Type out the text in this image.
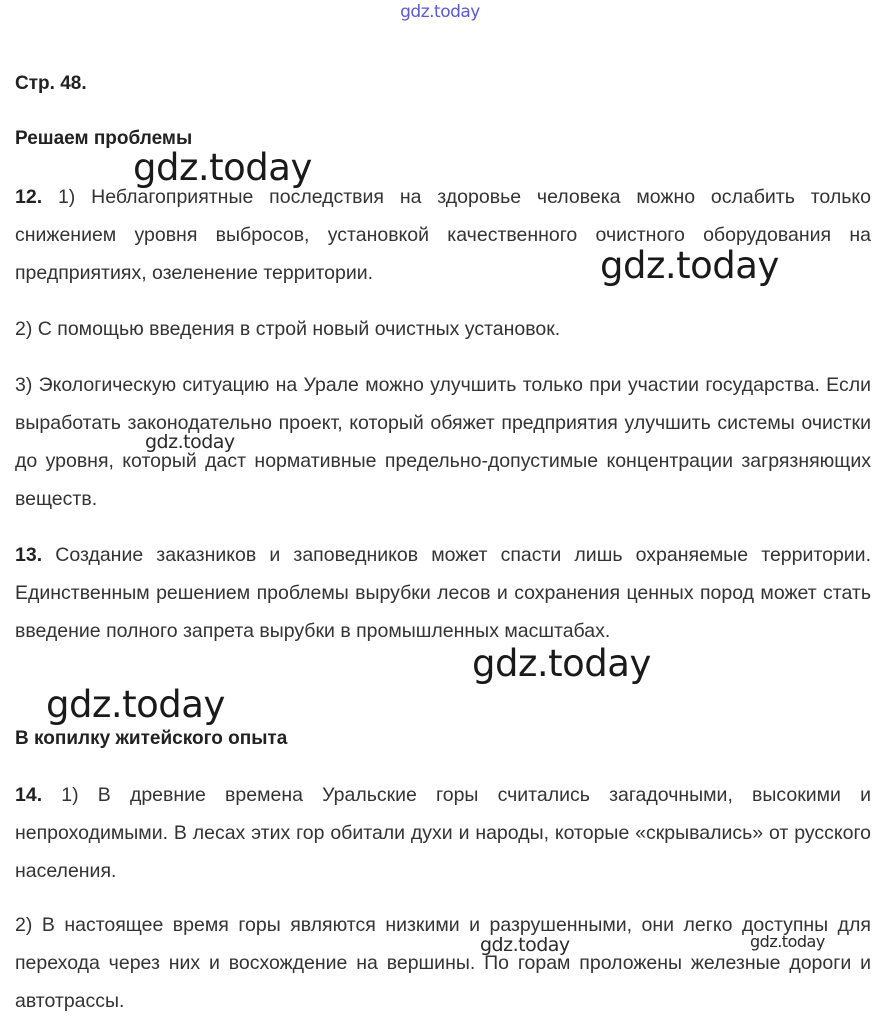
gdz.today
Стр. 48.
Решаем проблемы
12. 1) Неблагоприятные последствия на здоровье человека можно ослабить только снижением уровня выбросов, установкой качественного очистного оборудования на предприятиях, озеленение территории.
2) С помощью введения в строй новый очистных установок.
3) Экологическую ситуацию на Урале можно улучшить только при участии государства. Если выработать законодательно проект, который обяжет предприятия улучшить системы очистки до уровня, который даст нормативные предельно-допустимые концентрации загрязняющих веществ.
13. Создание заказников и заповедников может спасти лишь охраняемые территории. Единственным решением проблемы вырубки лесов и сохранения ценных пород может стать введение полного запрета вырубки в промышленных масштабах.
В копилку житейского опыта
14. 1) В древние времена Уральские горы считались загадочными, высокими и непроходимыми. В лесах этих гор обитали духи и народы, которые «скрывались» от русского населения.
2) В настоящее время горы являются низкими и разрушенными, они легко доступны для перехода через них и восхождение на вершины. По горам проложены железные дороги и автотрассы.
gdz.today
gdz.today
gdz.today
gdz.today
gdz.today
gdz.today	gdz.today
